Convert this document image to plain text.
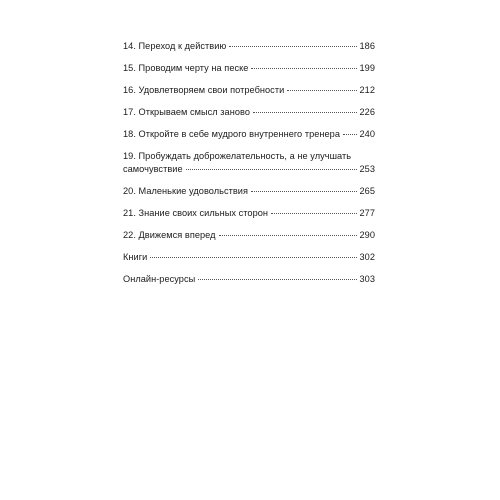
14. Переход к действию	186
15. Проводим черту на песке	199
16. Удовлетворяем свои потребности	212
17. Открываем смысл заново	226
18. Откройте в себе мудрого внутреннего тренера 240
19. Пробуждать доброжелательность, а не улучшать
самочувствие	253
20. Маленькие удовольствия	265
21. Знание своих сильных сторон	277
22. Движемся вперед	290
Книги	302
Онлайн-ресурсы	303
